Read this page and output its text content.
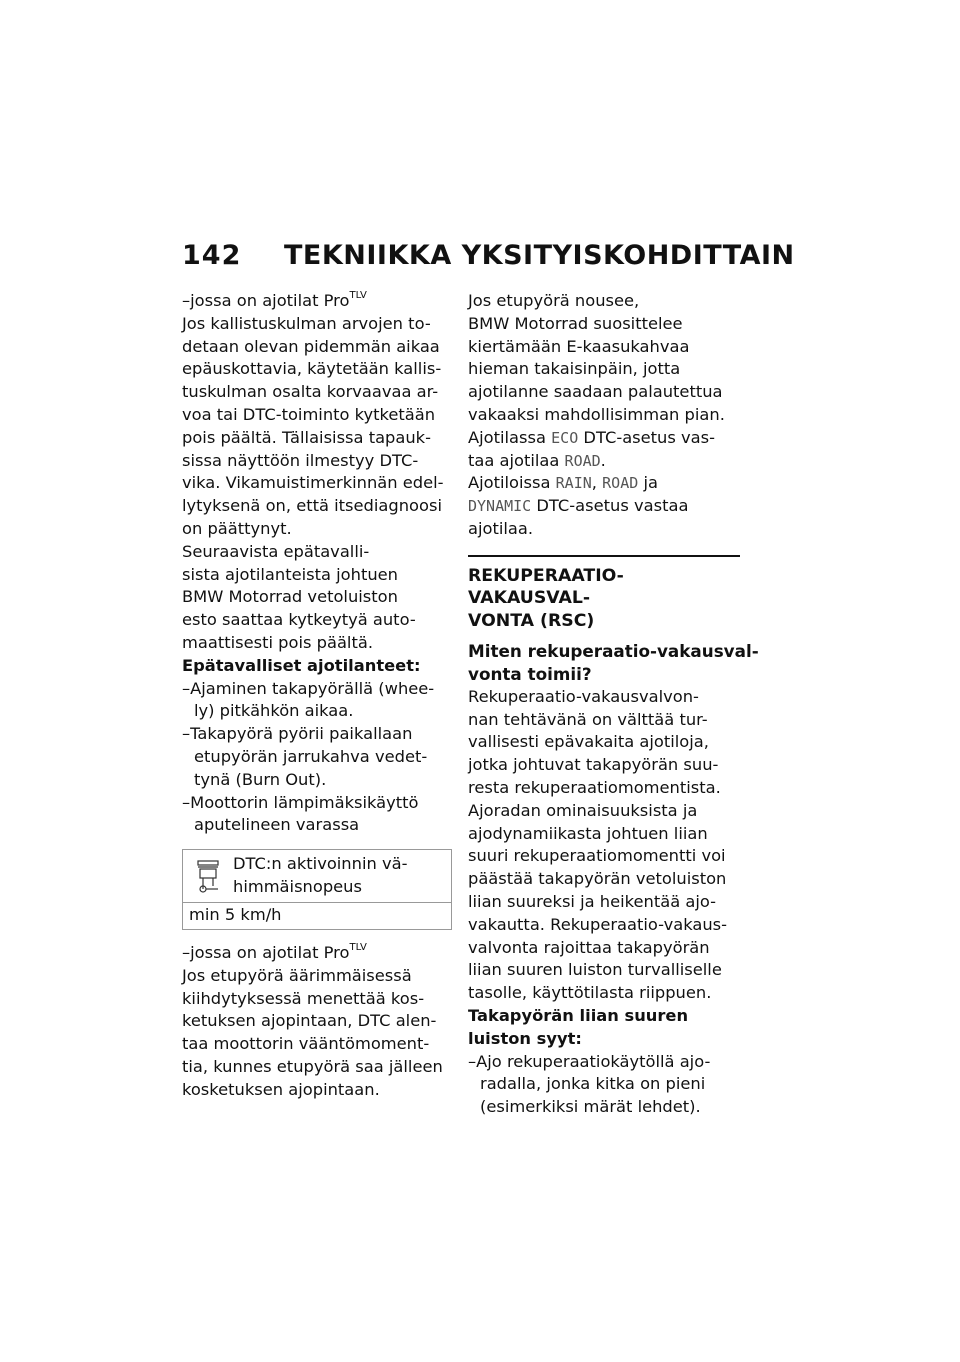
142 TEKNIIKKA YKSITYISKOHDITTAIN
–jossa on ajotilat Pro$^{TLV}$
Jos kallistuskulman arvojen to-
detaan olevan pidemmän aikaa
epäuskottavia, käytetään kallis-
tuskulman osalta korvaavaa ar-
voa tai DTC-toiminto kytketään
pois päältä. Tällaisissa tapauk-
sissa näyttöön ilmestyy DTC-
vika. Vikamuistimerkinnän edel-
lytyksenä on, että itsediagnoosi
on päättynyt.
Seuraavista epätavalli-
sista ajotilanteista johtuen
BMW Motorrad vetoluiston
esto saattaa kytkeytyä auto-
maattisesti pois päältä.
Epätavalliset ajotilanteet:
–Ajaminen takapyörällä (whee-
ly) pitkähkön aikaa.
–Takapyörä pyörii paikallaan
etupyörän jarrukahva vedet-
tynä (Burn Out).
–Moottorin lämpimäksikäyttö
aputelineen varassa
DTC:n aktivoinnin vä-
himmäisnopeus
min 5 km/h
–jossa on ajotilat Pro$^{TLV}$
Jos etupyörä äärimmäisessä
kiihdytyksessä menettää kos-
ketuksen ajopintaan, DTC alen-
taa moottorin vääntömoment-
tia, kunnes etupyörä saa jälleen
kosketuksen ajopintaan.
Jos etupyörä nousee,
BMW Motorrad suosittelee
kiertämään E-kaasukahvaa
hieman takaisinpäin, jotta
ajotilanne saadaan palautettua
vakaaksi mahdollisimman pian.
Ajotilassa ECO DTC-asetus vas-
taa ajotilaa ROAD.
Ajotiloissa RAIN, ROAD ja
DYNAMIC DTC-asetus vastaa
ajotilaa.
REKUPERAATIO-VAKAUSVAL-
VONTA (RSC)
Miten rekuperaatio-vakausval-
vonta toimii?
Rekuperaatio-vakausvalvon-
nan tehtävänä on välttää tur-
vallisesti epävakaita ajotiloja,
jotka johtuvat takapyörän suu-
resta rekuperaatiomomentista.
Ajoradan ominaisuuksista ja
ajodynamiikasta johtuen liian
suuri rekuperaatiomomentti voi
päästää takapyörän vetoluiston
liian suureksi ja heikentää ajo-
vakautta. Rekuperaatio-vakaus-
valvonta rajoittaa takapyörän
liian suuren luiston turvalliselle
tasolle, käyttötilasta riippuen.
Takapyörän liian suuren
luiston syyt:
–Ajo rekuperaatiokäytöllä ajo-
radalla, jonka kitka on pieni
(esimerkiksi märät lehdet).
